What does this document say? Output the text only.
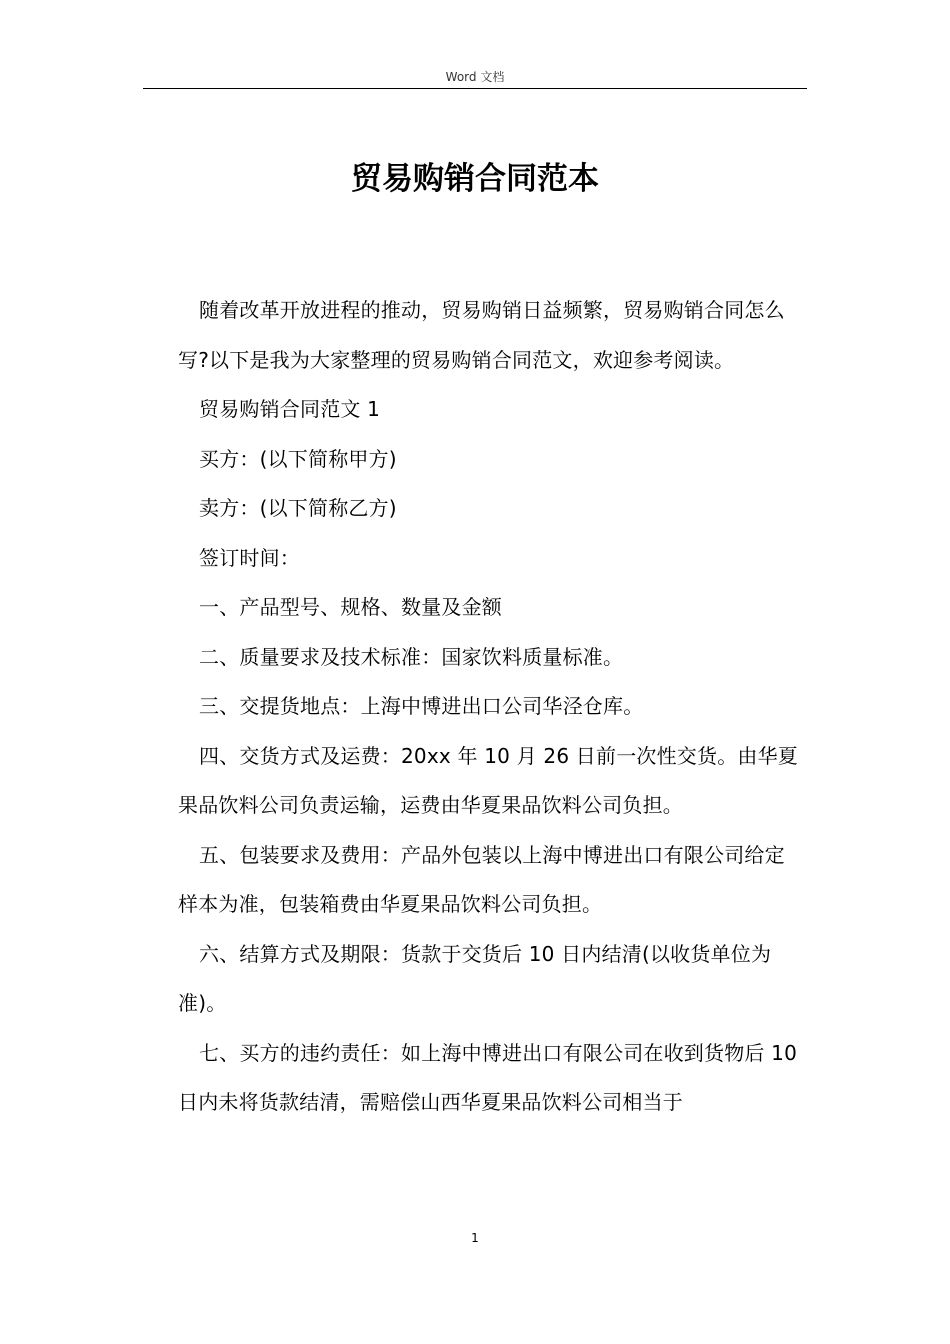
Word 文档
贸易购销合同范本

随着改革开放进程的推动，贸易购销日益频繁，贸易购销合同怎么写?以下是我为大家整理的贸易购销合同范文，欢迎参考阅读。

贸易购销合同范文 1

买方：(以下简称甲方)

卖方：(以下简称乙方)

签订时间：

一、产品型号、规格、数量及金额

二、质量要求及技术标准：国家饮料质量标准。

三、交提货地点：上海中博进出口公司华泾仓库。

四、交货方式及运费：20xx 年 10 月 26 日前一次性交货。由华夏果品饮料公司负责运输，运费由华夏果品饮料公司负担。

五、包装要求及费用：产品外包装以上海中博进出口有限公司给定样本为准，包装箱费由华夏果品饮料公司负担。

六、结算方式及期限：货款于交货后 10 日内结清(以收货单位为准)。

七、买方的违约责任：如上海中博进出口有限公司在收到货物后 10 日内未将货款结清，需赔偿山西华夏果品饮料公司相当于

1
